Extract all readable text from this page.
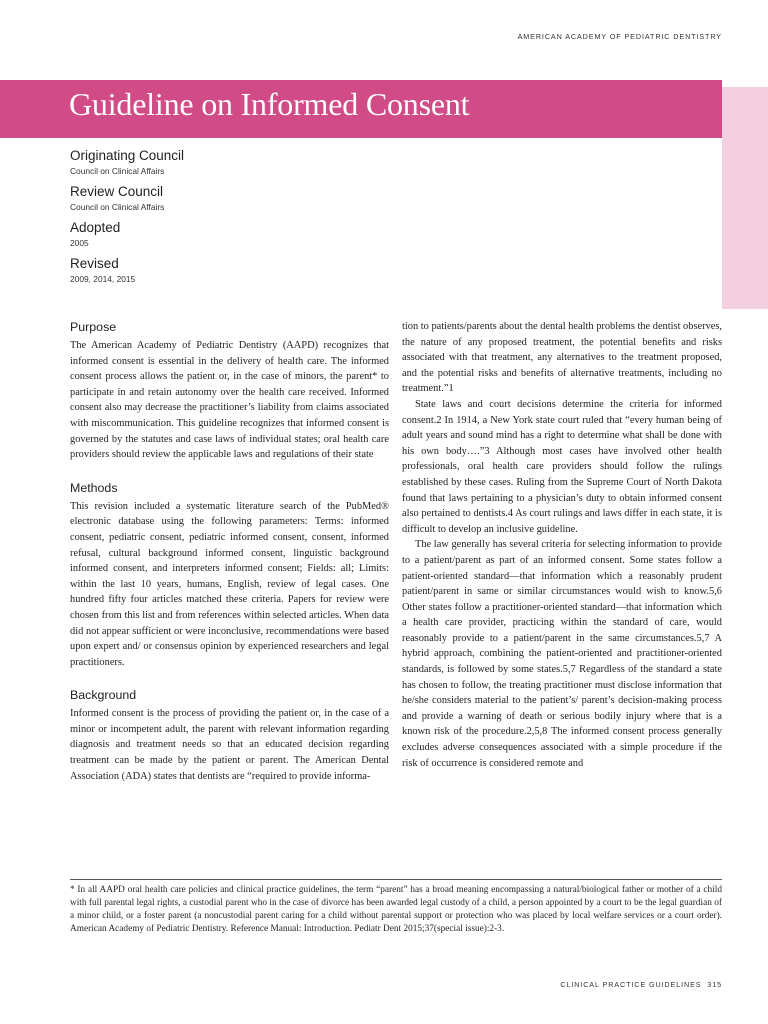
AMERICAN ACADEMY OF PEDIATRIC DENTISTRY
Guideline on Informed Consent

Originating Council

Council on Clinical Affairs

Review Council

Council on Clinical Affairs

Adopted

2005

Revised

2009, 2014, 2015

Purpose

The American Academy of Pediatric Dentistry (AAPD) recognizes that informed consent is essential in the delivery of health care. The informed consent process allows the patient or, in the case of minors, the parent* to participate in and retain autonomy over the health care received. Informed consent also may decrease the practitioner’s liability from claims associated with miscommunication. This guideline recognizes that informed consent is governed by the statutes and case laws of individual states; oral health care providers should review the applicable laws and regulations of their state

Methods

This revision included a systematic literature search of the PubMed® electronic database using the following parameters: Terms: informed consent, pediatric consent, pediatric informed consent, consent, informed refusal, cultural background informed consent, linguistic background informed consent, and interpreters informed consent; Fields: all; Limits: within the last 10 years, humans, English, review of legal cases. One hundred fifty four articles matched these criteria. Papers for review were chosen from this list and from references within selected articles. When data did not appear sufficient or were inconclusive, recommendations were based upon expert and/ or consensus opinion by experienced researchers and legal practitioners.

Background

Informed consent is the process of providing the patient or, in the case of a minor or incompetent adult, the parent with relevant information regarding diagnosis and treatment needs so that an educated decision regarding treatment can be made by the patient or parent. The American Dental Association (ADA) states that dentists are “required to provide informa-

tion to patients/parents about the dental health problems the dentist observes, the nature of any proposed treatment, the potential benefits and risks associated with that treatment, any alternatives to the treatment proposed, and the potential risks and benefits of alternative treatments, including no treatment.”1

State laws and court decisions determine the criteria for informed consent.2 In 1914, a New York state court ruled that “every human being of adult years and sound mind has a right to determine what shall be done with his own body….”3 Although most cases have involved other health professionals, oral health care providers should follow the rulings established by these cases. Ruling from the Supreme Court of North Dakota found that laws pertaining to a physician’s duty to obtain informed consent also pertained to dentists.4 As court rulings and laws differ in each state, it is difficult to develop an inclusive guideline.

The law generally has several criteria for selecting information to provide to a patient/parent as part of an informed consent. Some states follow a patient-oriented standard—that information which a reasonably prudent patient/parent in same or similar circumstances would wish to know.5,6 Other states follow a practitioner-oriented standard—that information which a health care provider, practicing within the standard of care, would reasonably provide to a patient/parent in the same circumstances.5,7 A hybrid approach, combining the patient-oriented and practitioner-oriented standards, is followed by some states.5,7 Regardless of the standard a state has chosen to follow, the treating practitioner must disclose information that he/she considers material to the patient’s/ parent’s decision-making process and provide a warning of death or serious bodily injury where that is a known risk of the procedure.2,5,8 The informed consent process generally excludes adverse consequences associated with a simple procedure if the risk of occurrence is considered remote and

* In all AAPD oral health care policies and clinical practice guidelines, the term “parent” has a broad meaning encompassing a natural/biological father or mother of a child with full parental legal rights, a custodial parent who in the case of divorce has been awarded legal custody of a child, a person appointed by a court to be the legal guardian of a minor child, or a foster parent (a noncustodial parent caring for a child without parental support or protection who was placed by local welfare services or a court order). American Academy of Pediatric Dentistry. Reference Manual: Introduction. Pediatr Dent 2015;37(special issue):2-3.

CLINICAL PRACTICE GUIDELINES 315
